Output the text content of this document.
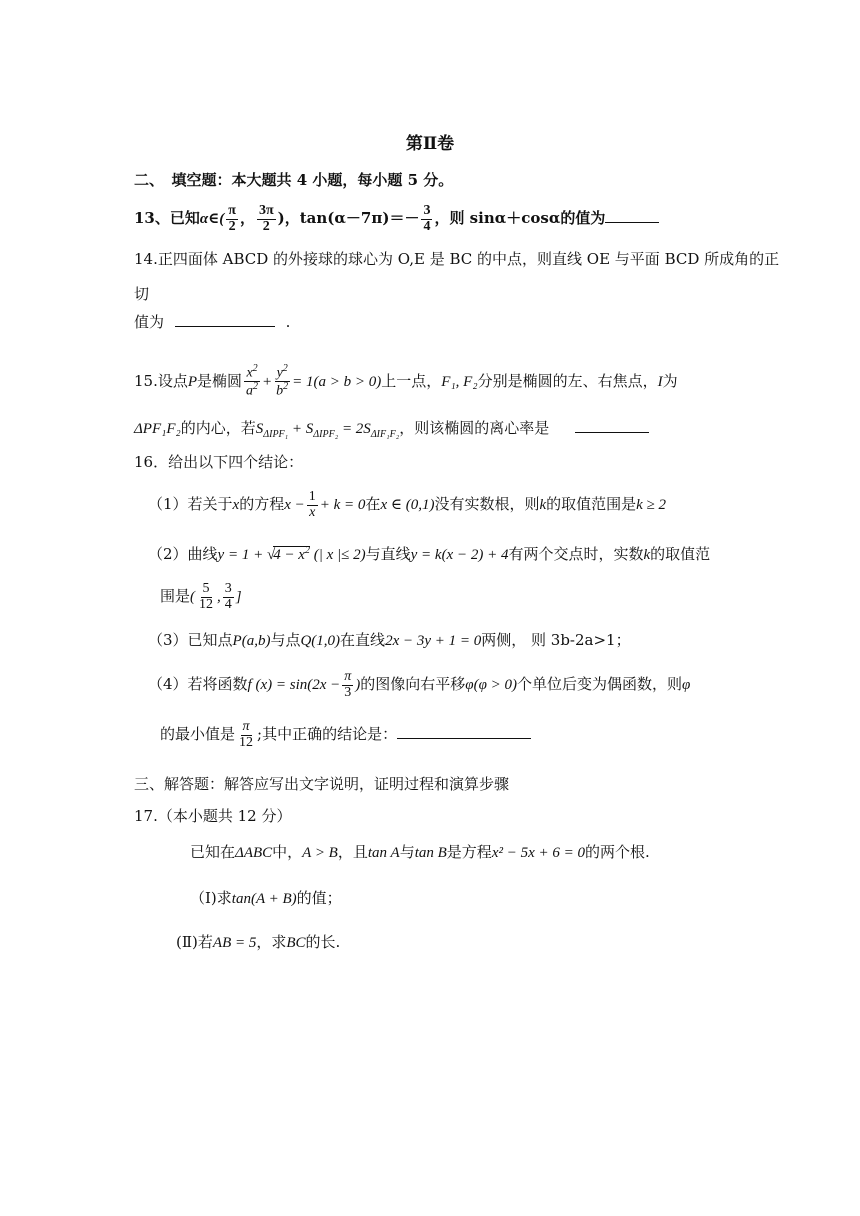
第Ⅱ卷
二、　填空题：本大题共 4 小题，每小题 5 分。
13、已知α∈( $\frac{\pi}{2}$ ， $\frac{3\pi}{2}$ )，$\tan(\alpha-7\pi)=- \frac{3}{4}$ ，则 sinα＋cosα的值为
14.正四面体 ABCD 的外接球的球心为 O,E 是 BC 的中点，则直线 OE 与平面 BCD 所成角的正
切
值为	.
15.设点P是椭圆 $\frac{x^2}{a^2} + \frac{y^2}{b^2} = 1(a > b > 0)$上一点，F₁, F₂分别是椭圆的左、右焦点，I为
ΔPF₁F₂的内心，若$S_{\Delta IPF_1} + S_{\Delta IPF_2} = 2S_{\Delta IF_1F_2}$，则该椭圆的离心率是
16．给出以下四个结论：
（1）若关于x的方程$x - \frac{1}{x} + k = 0$在x ∈ (0,1)没有实数根，则k的取值范围是k ≥ 2
（2）曲线$y = 1 + √4 - x^2$ (| x |≤ 2)与直线y = k(x − 2) + 4有两个交点时，实数k的取值范
围是( $\frac{5}{12}$ , $\frac{3}{4}$ ]
（3）已知点P(a,b)与点Q(1,0)在直线2x − 3y + 1 = 0两侧， 则 3b-2a>1；
（4）若将函数f $(x) = \sin(2x - \frac{\pi}{3}$ )的图像向右平移φ(φ > 0)个单位后变为偶函数，则φ
的最小值是 $\frac{\pi}{12}$ ;其中正确的结论是：
三、解答题：解答应写出文字说明，证明过程和演算步骤
17.（本小题共 12 分）
已知在ΔABC中，A > B，且tan A与tan B是方程x² − 5x + 6 = 0的两个根.
（Ⅰ)求tan(A + B)的值；
(Ⅱ)若AB = 5，求BC的长.
